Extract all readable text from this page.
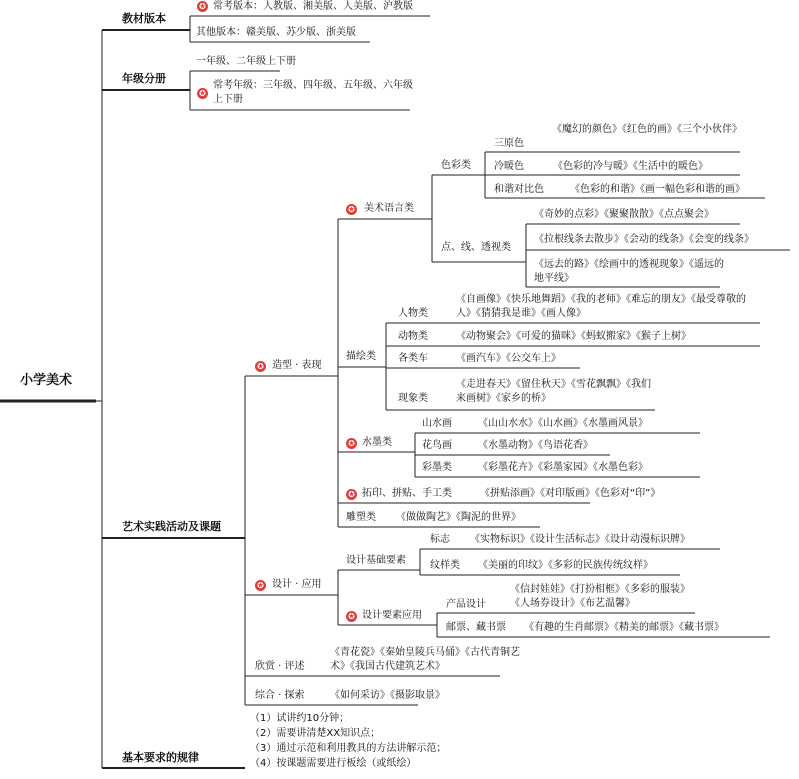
小学美术
教材版本
✪ 常考版本：人教版、湘美版、人美版、沪教版
其他版本：赣美版、苏少版、浙美版
年级分册
一年级、二年级上下册
✪
常考年级：三年级、四年级、五年级、六年级上下册
艺术实践活动及课题
✪ 造型 · 表现
✪ 美术语言类
色彩类
三原色
《魔幻的颜色》《红色的画》《三个小伙伴》
冷暖色	《色彩的冷与暖》《生活中的暖色》
和谐对比色	《色彩的和谐》《画一幅色彩和谐的画》
点、线、透视类
《奇妙的点彩》《聚聚散散》《点点聚会》
《拉根线条去散步》《会动的线条》《会变的线条》
《远去的路》《绘画中的透视现象》《遥远的地平线》
描绘类
人物类
《自画像》《快乐地舞蹈》《我的老师》《难忘的朋友》《最受尊敬的人》《猜猜我是谁》《画人像》
动物类	《动物聚会》《可爱的猫咪》《蚂蚁搬家》《猴子上树》
各类车	《画汽车》《公交车上》
现象类
《走进春天》《留住秋天》《雪花飘飘》《我们来画树》《家乡的桥》
✪ 水墨类
山水画	《山山水水》《山水画》《水墨画风景》
花鸟画	《水墨动物》《鸟语花香》
彩墨类	《彩墨花卉》《彩墨家园》《水墨色彩》
✪ 拓印、拼贴、手工类	《拼贴添画》《对印版画》《色彩对“印”》
雕塑类 《做做陶艺》《陶泥的世界》
✪ 设计 · 应用
设计基础要素
标志 《实物标识》《设计生活标志》《设计动漫标识牌》
纹样类 《美丽的印纹》《多彩的民族传统纹样》
✪ 设计要素应用
产品设计
《信封娃娃》《打扮相框》《多彩的服装》《人场券设计》《布艺温馨》
邮票、藏书票 《有趣的生肖邮票》《精美的邮票》《藏书票》
欣赏 · 评述
《青花瓷》《秦始皇陵兵马俑》《古代青铜艺术》《我国古代建筑艺术》
综合 · 探索	《如何采访》《摄影取景》
基本要求的规律
（1）试讲约10分钟；
（2）需要讲清楚XX知识点；
（3）通过示范和利用教具的方法讲解示范；
（4）按课题需要进行板绘（或纸绘）
